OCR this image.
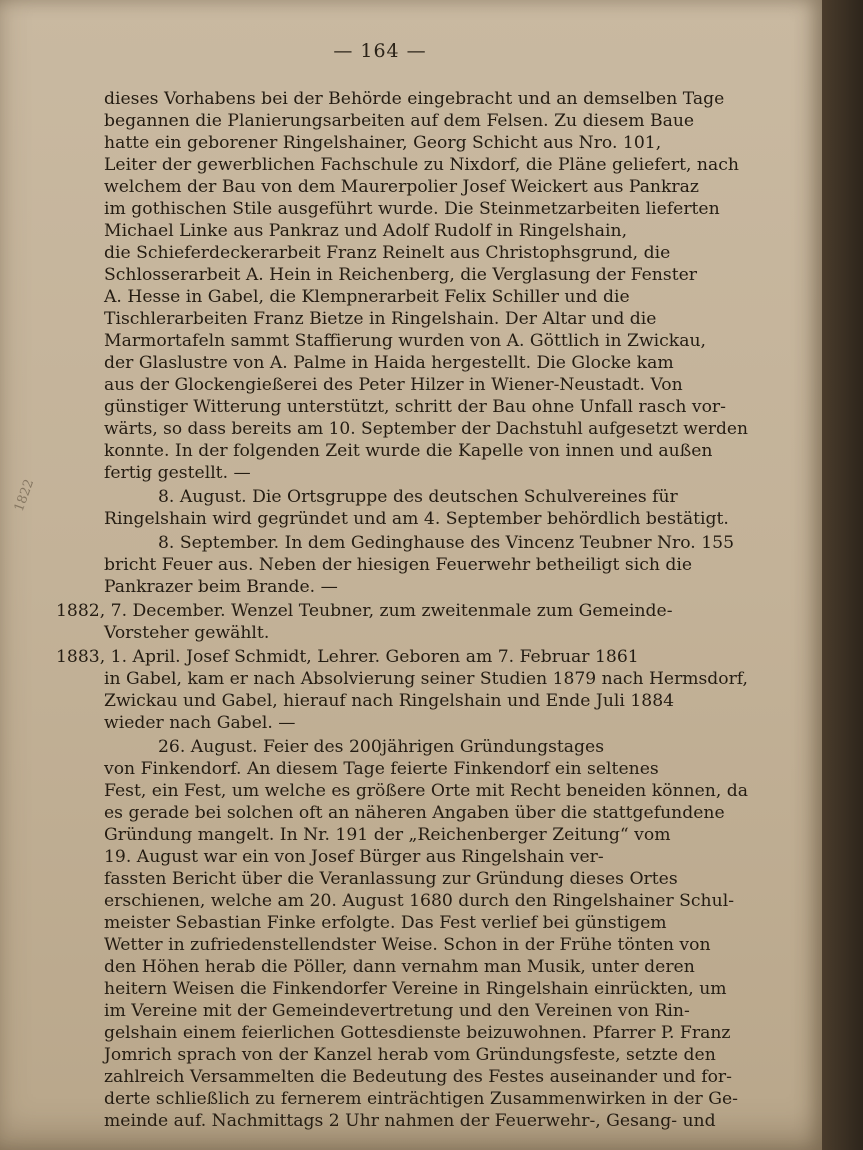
— 164 —
1822
dieses Vorhabens bei der Behörde eingebracht und an demselben Tage
begannen die Planierungsarbeiten auf dem Felsen. Zu diesem Baue
hatte ein geborener Ringelshainer, Georg Schicht aus Nro. 101,
Leiter der gewerblichen Fachschule zu Nixdorf, die Pläne geliefert, nach
welchem der Bau von dem Maurerpolier Josef Weickert aus Pankraz
im gothischen Stile ausgeführt wurde. Die Steinmetzarbeiten lieferten
Michael Linke aus Pankraz und Adolf Rudolf in Ringelshain,
die Schieferdeckerarbeit Franz Reinelt aus Christophsgrund, die
Schlosserarbeit A. Hein in Reichenberg, die Verglasung der Fenster
A. Hesse in Gabel, die Klempnerarbeit Felix Schiller und die
Tischlerarbeiten Franz Bietze in Ringelshain. Der Altar und die
Marmortafeln sammt Staffierung wurden von A. Göttlich in Zwickau,
der Glaslustre von A. Palme in Haida hergestellt. Die Glocke kam
aus der Glockengießerei des Peter Hilzer in Wiener-Neustadt. Von
günstiger Witterung unterstützt, schritt der Bau ohne Unfall rasch vor-
wärts, so dass bereits am 10. September der Dachstuhl aufgesetzt werden
konnte. In der folgenden Zeit wurde die Kapelle von innen und außen
fertig gestellt. —
8. August. Die Ortsgruppe des deutschen Schulvereines für
Ringelshain wird gegründet und am 4. September behördlich bestätigt.
8. September. In dem Gedinghause des Vincenz Teubner Nro. 155
bricht Feuer aus. Neben der hiesigen Feuerwehr betheiligt sich die
Pankrazer beim Brande. —
1882, 7. December. Wenzel Teubner, zum zweitenmale zum Gemeinde-
Vorsteher gewählt.
1883, 1. April. Josef Schmidt, Lehrer. Geboren am 7. Februar 1861
in Gabel, kam er nach Absolvierung seiner Studien 1879 nach Hermsdorf,
Zwickau und Gabel, hierauf nach Ringelshain und Ende Juli 1884
wieder nach Gabel. —
26. August. Feier des 200jährigen Gründungstages
von Finkendorf. An diesem Tage feierte Finkendorf ein seltenes
Fest, ein Fest, um welche es größere Orte mit Recht beneiden können, da
es gerade bei solchen oft an näheren Angaben über die stattgefundene
Gründung mangelt. In Nr. 191 der „Reichenberger Zeitung“ vom
19. August war ein von Josef Bürger aus Ringelshain ver-
fassten Bericht über die Veranlassung zur Gründung dieses Ortes
erschienen, welche am 20. August 1680 durch den Ringelshainer Schul-
meister Sebastian Finke erfolgte. Das Fest verlief bei günstigem
Wetter in zufriedenstellendster Weise. Schon in der Frühe tönten von
den Höhen herab die Pöller, dann vernahm man Musik, unter deren
heitern Weisen die Finkendorfer Vereine in Ringelshain einrückten, um
im Vereine mit der Gemeindevertretung und den Vereinen von Rin-
gelshain einem feierlichen Gottesdienste beizuwohnen. Pfarrer P. Franz
Jomrich sprach von der Kanzel herab vom Gründungsfeste, setzte den
zahlreich Versammelten die Bedeutung des Festes auseinander und for-
derte schließlich zu fernerem einträchtigen Zusammenwirken in der Ge-
meinde auf. Nachmittags 2 Uhr nahmen der Feuerwehr-, Gesang- und
